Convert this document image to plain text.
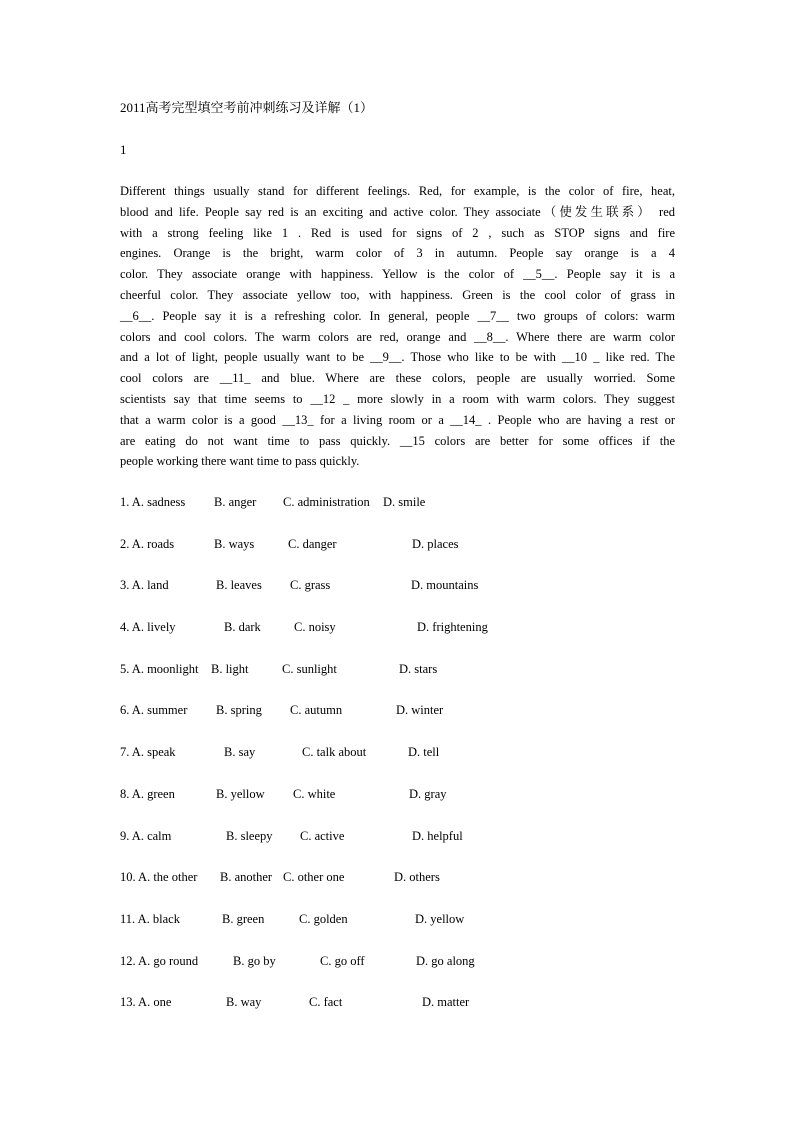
2011高考完型填空考前冲刺练习及详解（1）
1
Different things usually stand for different feelings. Red, for example, is the color of fire, heat,
blood and life. People say red is an exciting and active color. They associate（使发生联系） red
with a strong feeling like 1 . Red is used for signs of 2 , such as STOP signs and fire
engines. Orange is the bright, warm color of 3 in autumn. People say orange is a 4
color. They associate orange with happiness. Yellow is the color of __5__. People say it is a
cheerful color. They associate yellow too, with happiness. Green is the cool color of grass in
__6__. People say it is a refreshing color. In general, people __7__ two groups of colors: warm
colors and cool colors. The warm colors are red, orange and __8__. Where there are warm color
and a lot of light, people usually want to be __9__. Those who like to be with __10 _ like red. The
cool colors are __11_ and blue. Where are these colors, people are usually worried. Some
scientists say that time seems to __12 _ more slowly in a room with warm colors. They suggest
that a warm color is a good __13_ for a living room or a __14_ . People who are having a rest or
are eating do not want time to pass quickly. __15 colors are better for some offices if the
people working there want time to pass quickly.
1. A. sadness B. anger C. administration D. smile
2. A. roads	B. ways	C. danger	D. places
3. A. land	B. leaves C. grass	D. mountains
4. A. lively	B. dark	C. noisy	D. frightening
5. A. moonlight B. light	C. sunlight	D. stars
6. A. summer B. spring C. autumn	D. winter
7. A. speak	B. say	C. talk about	D. tell
8. A. green	B. yellow C. white	D. gray
9. A. calm	B. sleepy C. active	D. helpful
10. A. the other B. another C. other one	D. others
11. A. black	B. green	C. golden	D. yellow
12. A. go round	B. go by	C. go off	D. go along
13. A. one	B. way	C. fact	D. matter
